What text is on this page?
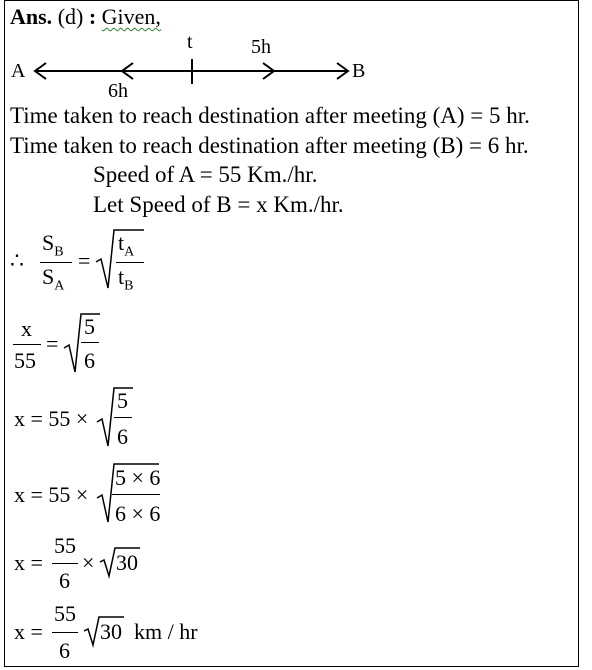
Ans. (d) : Given,
A	B
t	5h
6h
Time taken to reach destination after meeting (A) = 5 hr.
Time taken to reach destination after meeting (B) = 6 hr.
Speed of A = 55 Km./hr.
Let Speed of B = x Km./hr.
∴
$S_B$
$S_A$
=
$t_A$
$t_B$
x
55
=
5
6
x = 55 ×
5
6
x = 55 ×
5 × 6
6 × 6
x =
55
6
× 30
x =
55
6
30 km / hr
